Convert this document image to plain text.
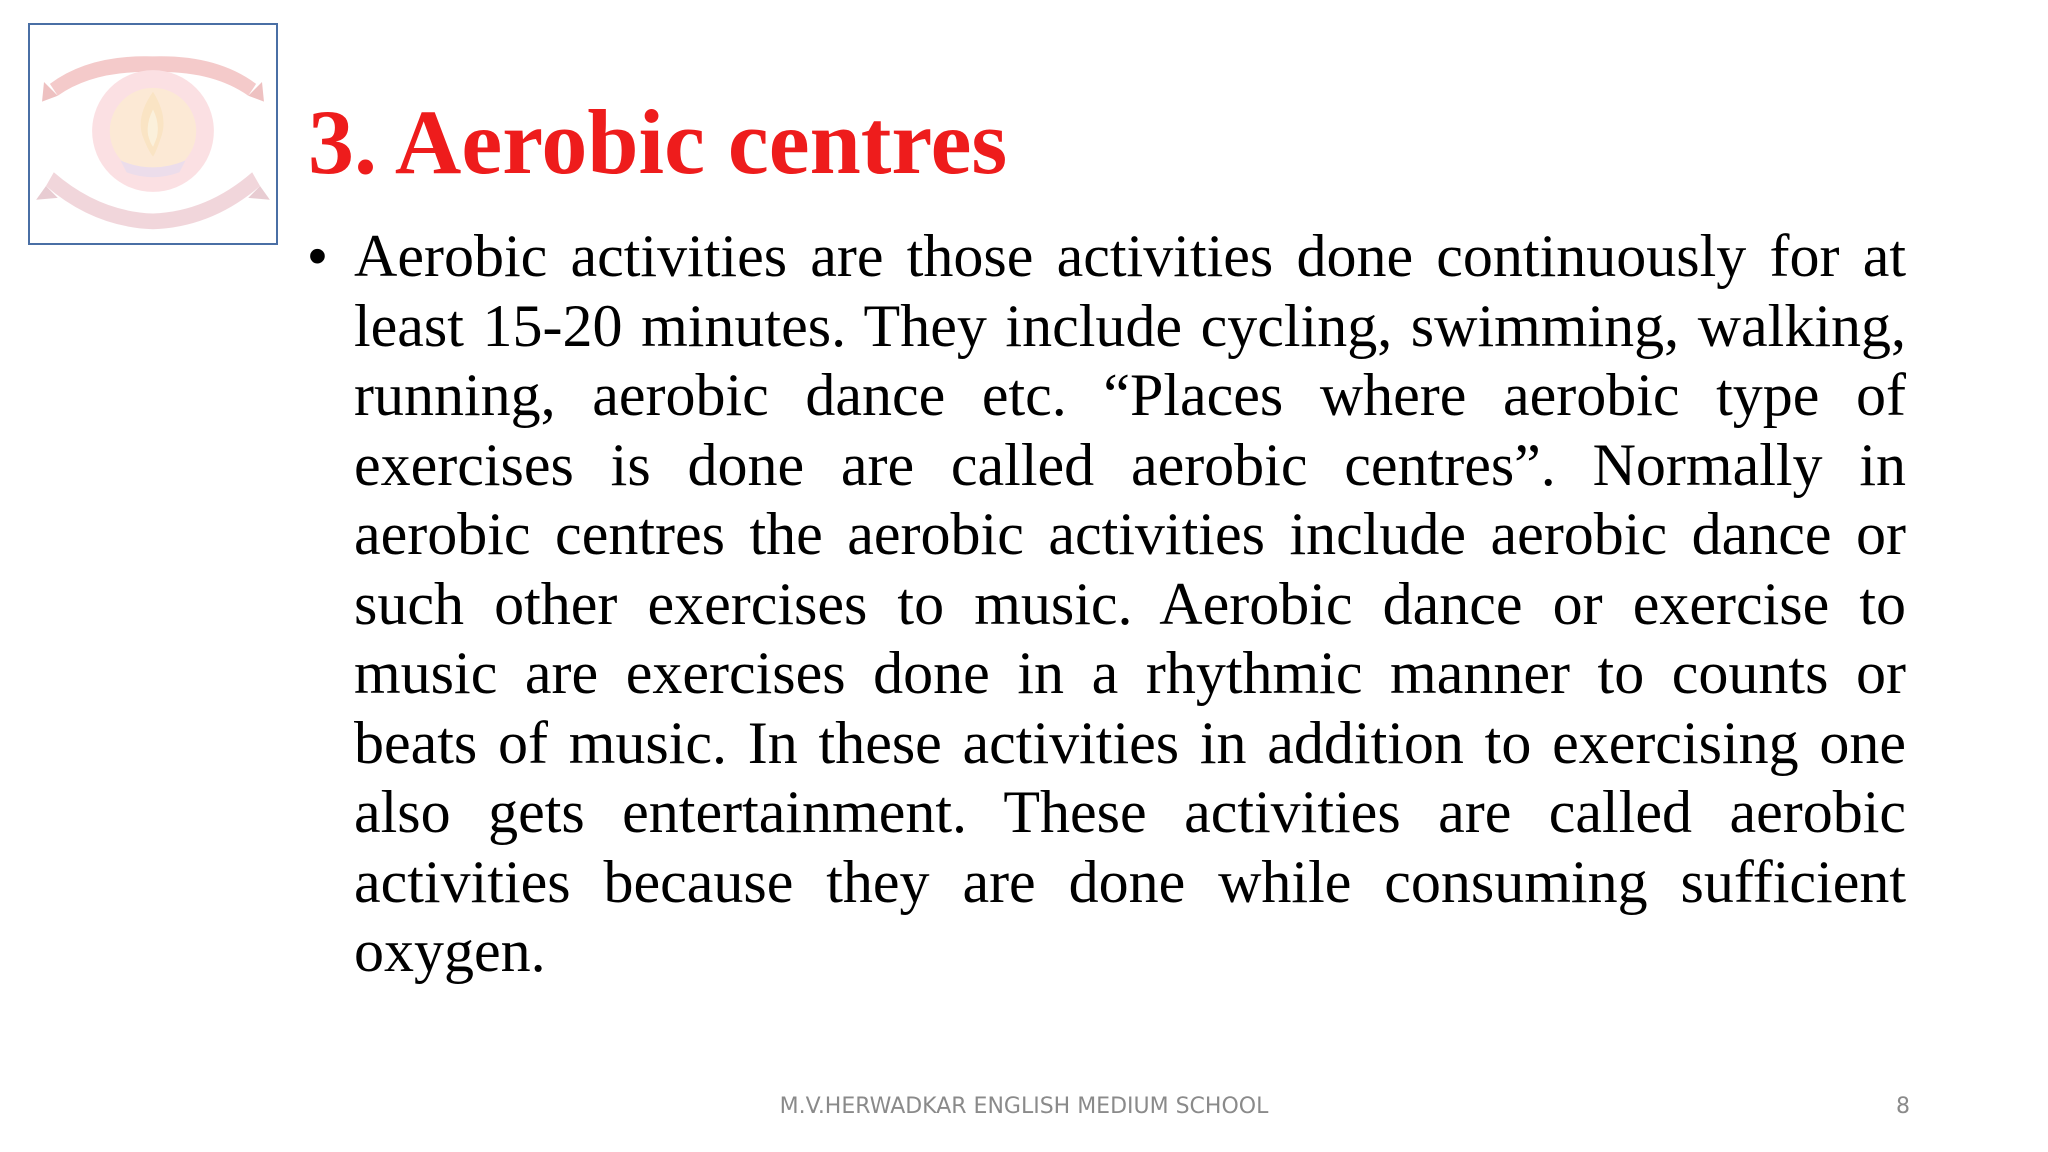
3. Aerobic centres
• Aerobic activities are those activities done continuously for at least 15-20 minutes. They include cycling, swimming, walking, running, aerobic dance etc. “Places where aerobic type of exercises is done are called aerobic centres”. Normally in aerobic centres the aerobic activities include aerobic dance or such other exercises to music. Aerobic dance or exercise to music are exercises done in a rhythmic manner to counts or beats of music. In these activities in addition to exercising one also gets entertainment. These activities are called aerobic activities because they are done while consuming sufficient oxygen.

M.V.HERWADKAR ENGLISH MEDIUM SCHOOL	8
